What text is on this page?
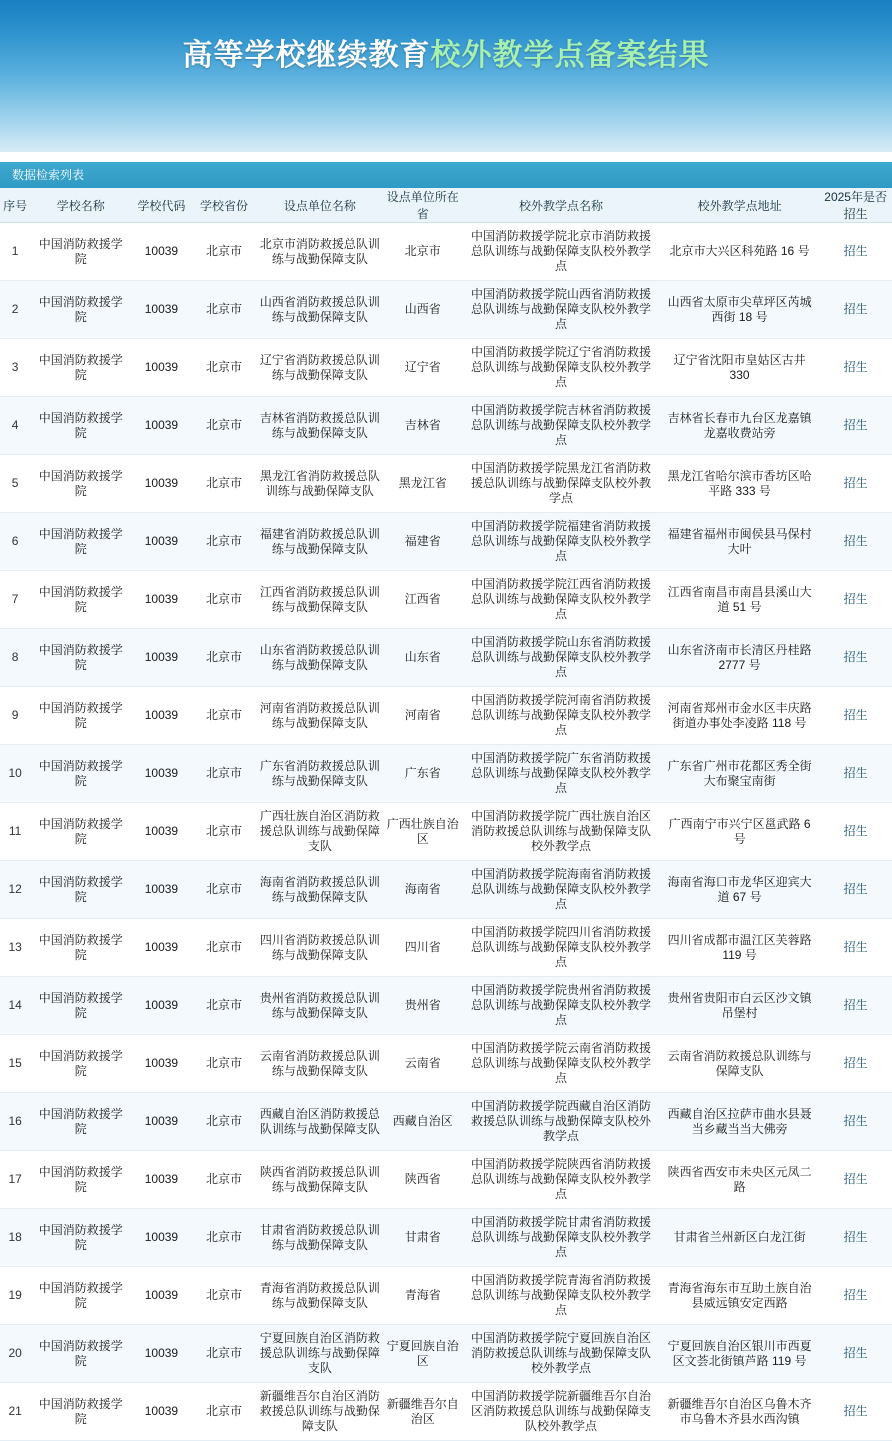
高等学校继续教育校外教学点备案结果
数据检索列表
序号	学校名称	学校代码	学校省份	设点单位名称	设点单位所在省	校外教学点名称	校外教学点地址	2025年是否招生
1	中国消防救援学院	10039	北京市	北京市消防救援总队训练与战勤保障支队	北京市	中国消防救援学院北京市消防救援总队训练与战勤保障支队校外教学点	北京市大兴区科苑路 16 号	招生
2	中国消防救援学院	10039	北京市	山西省消防救援总队训练与战勤保障支队	山西省	中国消防救援学院山西省消防救援总队训练与战勤保障支队校外教学点	山西省太原市尖草坪区芮城西街 18 号	招生
3	中国消防救援学院	10039	北京市	辽宁省消防救援总队训练与战勤保障支队	辽宁省	中国消防救援学院辽宁省消防救援总队训练与战勤保障支队校外教学点	辽宁省沈阳市皇姑区古井 330	招生
4	中国消防救援学院	10039	北京市	吉林省消防救援总队训练与战勤保障支队	吉林省	中国消防救援学院吉林省消防救援总队训练与战勤保障支队校外教学点	吉林省长春市九台区龙嘉镇龙嘉收费站旁	招生
5	中国消防救援学院	10039	北京市	黑龙江省消防救援总队训练与战勤保障支队	黑龙江省	中国消防救援学院黑龙江省消防救援总队训练与战勤保障支队校外教学点	黑龙江省哈尔滨市香坊区哈平路 333 号	招生
6	中国消防救援学院	10039	北京市	福建省消防救援总队训练与战勤保障支队	福建省	中国消防救援学院福建省消防救援总队训练与战勤保障支队校外教学点	福建省福州市闽侯县马保村大叶	招生
7	中国消防救援学院	10039	北京市	江西省消防救援总队训练与战勤保障支队	江西省	中国消防救援学院江西省消防救援总队训练与战勤保障支队校外教学点	江西省南昌市南昌县溪山大道 51 号	招生
8	中国消防救援学院	10039	北京市	山东省消防救援总队训练与战勤保障支队	山东省	中国消防救援学院山东省消防救援总队训练与战勤保障支队校外教学点	山东省济南市长清区丹桂路 2777 号	招生
9	中国消防救援学院	10039	北京市	河南省消防救援总队训练与战勤保障支队	河南省	中国消防救援学院河南省消防救援总队训练与战勤保障支队校外教学点	河南省郑州市金水区丰庆路街道办事处李凌路 118 号	招生
10	中国消防救援学院	10039	北京市	广东省消防救援总队训练与战勤保障支队	广东省	中国消防救援学院广东省消防救援总队训练与战勤保障支队校外教学点	广东省广州市花都区秀全街大布聚宝南街	招生
11	中国消防救援学院	10039	北京市	广西壮族自治区消防救援总队训练与战勤保障支队	广西壮族自治区	中国消防救援学院广西壮族自治区消防救援总队训练与战勤保障支队校外教学点	广西南宁市兴宁区邕武路 6 号	招生
12	中国消防救援学院	10039	北京市	海南省消防救援总队训练与战勤保障支队	海南省	中国消防救援学院海南省消防救援总队训练与战勤保障支队校外教学点	海南省海口市龙华区迎宾大道 67 号	招生
13	中国消防救援学院	10039	北京市	四川省消防救援总队训练与战勤保障支队	四川省	中国消防救援学院四川省消防救援总队训练与战勤保障支队校外教学点	四川省成都市温江区芙蓉路 119 号	招生
14	中国消防救援学院	10039	北京市	贵州省消防救援总队训练与战勤保障支队	贵州省	中国消防救援学院贵州省消防救援总队训练与战勤保障支队校外教学点	贵州省贵阳市白云区沙文镇吊堡村	招生
15	中国消防救援学院	10039	北京市	云南省消防救援总队训练与战勤保障支队	云南省	中国消防救援学院云南省消防救援总队训练与战勤保障支队校外教学点	云南省消防救援总队训练与保障支队	招生
16	中国消防救援学院	10039	北京市	西藏自治区消防救援总队训练与战勤保障支队	西藏自治区	中国消防救援学院西藏自治区消防救援总队训练与战勤保障支队校外教学点	西藏自治区拉萨市曲水县聂当乡藏当当大佛旁	招生
17	中国消防救援学院	10039	北京市	陕西省消防救援总队训练与战勤保障支队	陕西省	中国消防救援学院陕西省消防救援总队训练与战勤保障支队校外教学点	陕西省西安市未央区元凤二路	招生
18	中国消防救援学院	10039	北京市	甘肃省消防救援总队训练与战勤保障支队	甘肃省	中国消防救援学院甘肃省消防救援总队训练与战勤保障支队校外教学点	甘肃省兰州新区白龙江街	招生
19	中国消防救援学院	10039	北京市	青海省消防救援总队训练与战勤保障支队	青海省	中国消防救援学院青海省消防救援总队训练与战勤保障支队校外教学点	青海省海东市互助土族自治县威远镇安定西路	招生
20	中国消防救援学院	10039	北京市	宁夏回族自治区消防救援总队训练与战勤保障支队	宁夏回族自治区	中国消防救援学院宁夏回族自治区消防救援总队训练与战勤保障支队校外教学点	宁夏回族自治区银川市西夏区文荟北街镇芦路 119 号	招生
21	中国消防救援学院	10039	北京市	新疆维吾尔自治区消防救援总队训练与战勤保障支队	新疆维吾尔自治区	中国消防救援学院新疆维吾尔自治区消防救援总队训练与战勤保障支队校外教学点	新疆维吾尔自治区乌鲁木齐市乌鲁木齐县水西沟镇	招生
